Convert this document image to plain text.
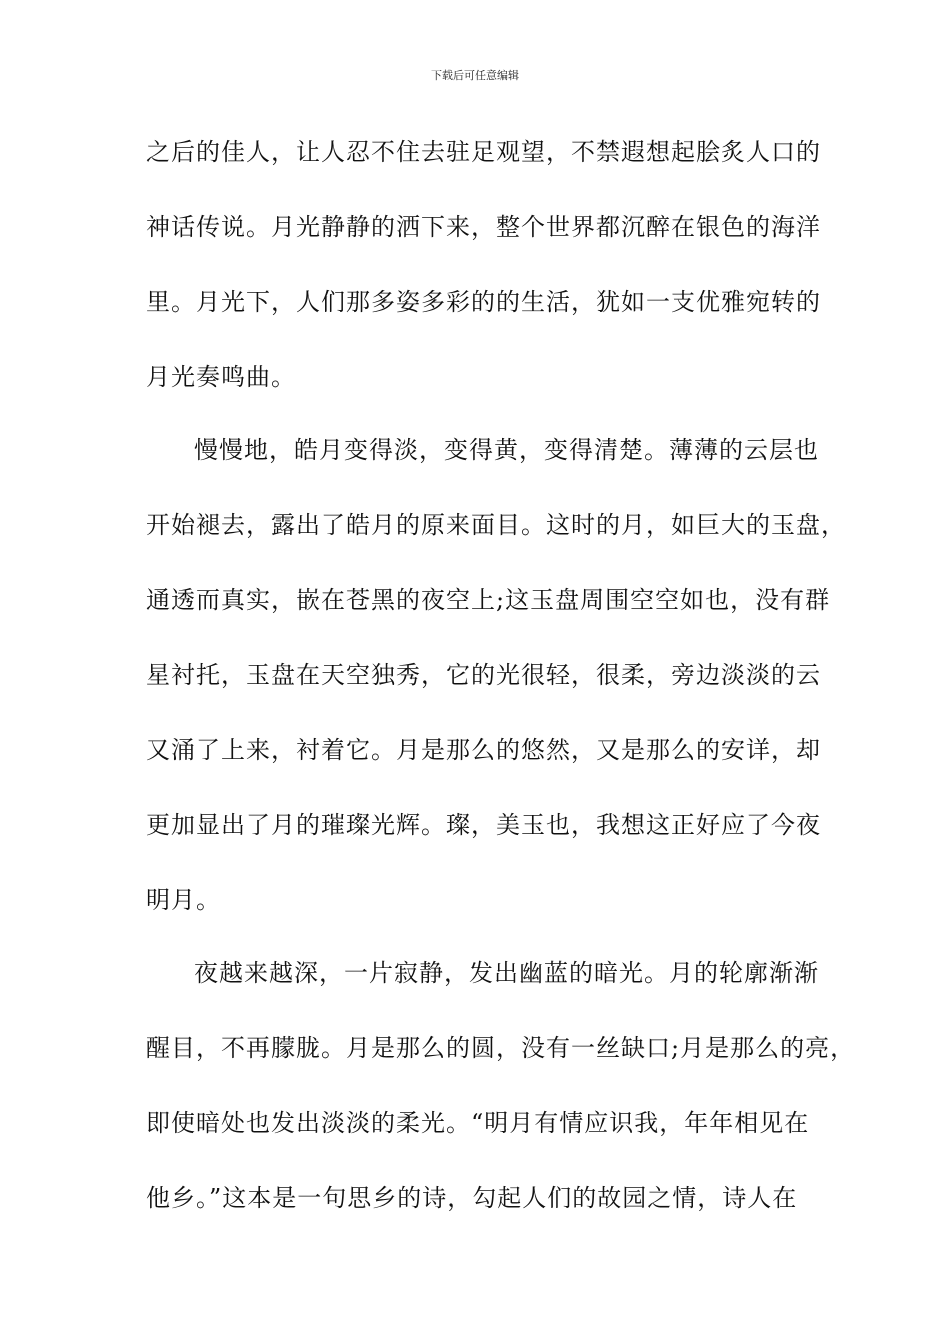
下载后可任意编辑
之后的佳人，让人忍不住去驻足观望，不禁遐想起脍炙人口的
神话传说。月光静静的洒下来，整个世界都沉醉在银色的海洋
里。月光下，人们那多姿多彩的的生活，犹如一支优雅宛转的
月光奏鸣曲。
慢慢地，皓月变得淡，变得黄，变得清楚。薄薄的云层也
开始褪去，露出了皓月的原来面目。这时的月，如巨大的玉盘，
通透而真实，嵌在苍黑的夜空上;这玉盘周围空空如也，没有群
星衬托，玉盘在天空独秀，它的光很轻，很柔，旁边淡淡的云
又涌了上来，衬着它。月是那么的悠然，又是那么的安详，却
更加显出了月的璀璨光辉。璨，美玉也，我想这正好应了今夜
明月。
夜越来越深，一片寂静，发出幽蓝的暗光。月的轮廓渐渐
醒目，不再朦胧。月是那么的圆，没有一丝缺口;月是那么的亮，
即使暗处也发出淡淡的柔光。“明月有情应识我，年年相见在
他乡。”这本是一句思乡的诗，勾起人们的故园之情，诗人在
